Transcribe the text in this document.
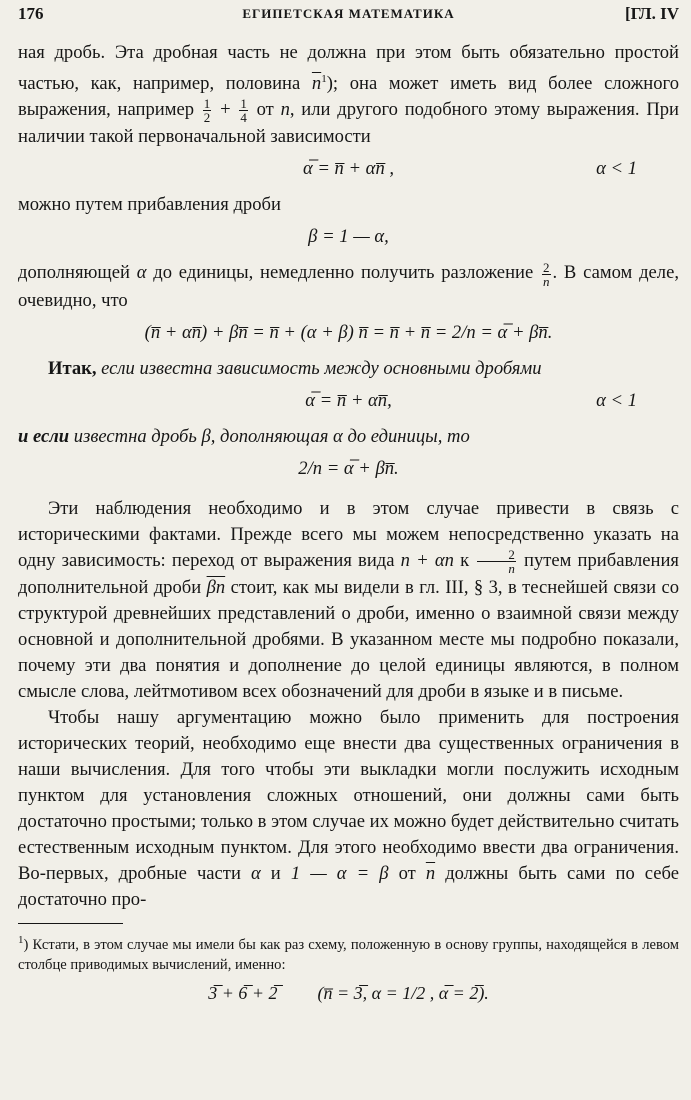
176	ЕГИПЕТСКАЯ МАТЕМАТИКА	[ГЛ. IV

ная дробь. Эта дробная часть не должна при этом быть обязательно простой частью, как, например, половина $\overline{n}^1$); она может иметь вид более сложного выражения, например $\frac{1}{2} + \frac{1}{4}$ от n, или другого подобного этому выражения. При наличии такой первоначальной зависимости

α̅ = n̅ + αn̅ ,	α < 1

можно путем прибавления дроби

β = 1 — α,

дополняющей α до единицы, немедленно получить разложение $\frac{2}{n}$ . В самом деле, очевидно, что

(n̅ + αn̅) + βn̅ = n̅ + (α + β) n̅ = n̅ + n̅ = 2/n = α̅ + βn̅.

Итак, если известна зависимость между основными дробями

α̅ = n̅ + αn̅,	α < 1

и если известна дробь β, дополняющая α до единицы, то

2/n = α̅ + βn̅.

Эти наблюдения необходимо и в этом случае привести в связь с историческими фактами. Прежде всего мы можем непосредственно указать на одну зависимость: переход от выражения вида n + αn к $\frac{2}{n}$ путем прибавления дополнительной дроби $\overline{\beta n}$ стоит, как мы видели в гл. III, § 3, в теснейшей связи со структурой древнейших представлений о дроби, именно о взаимной связи между основной и дополнительной дробями. В указанном месте мы подробно показали, почему эти два понятия и дополнение до целой единицы являются, в полном смысле слова, лейтмотивом всех обозначений для дроби в языке и в письме.

Чтобы нашу аргументацию можно было применить для построения исторических теорий, необходимо еще внести два существенных ограничения в наши вычисления. Для того чтобы эти выкладки могли послужить исходным пунктом для установления сложных отношений, они должны сами быть достаточно простыми; только в этом случае их можно будет действительно считать естественным исходным пунктом. Для этого необходимо ввести два ограничения. Во-первых, дробные части α и 1 — α = β от $\overline{n}$ должны быть сами по себе достаточно про-

$^1$) Кстати, в этом случае мы имели бы как раз схему, положенную в основу группы, находящейся в левом столбце приводимых вычислений, именно:

3̅ + 6̅ + 2̅ (n̅ = 3̅, α = 1/2 , α̅ = 2̅).
